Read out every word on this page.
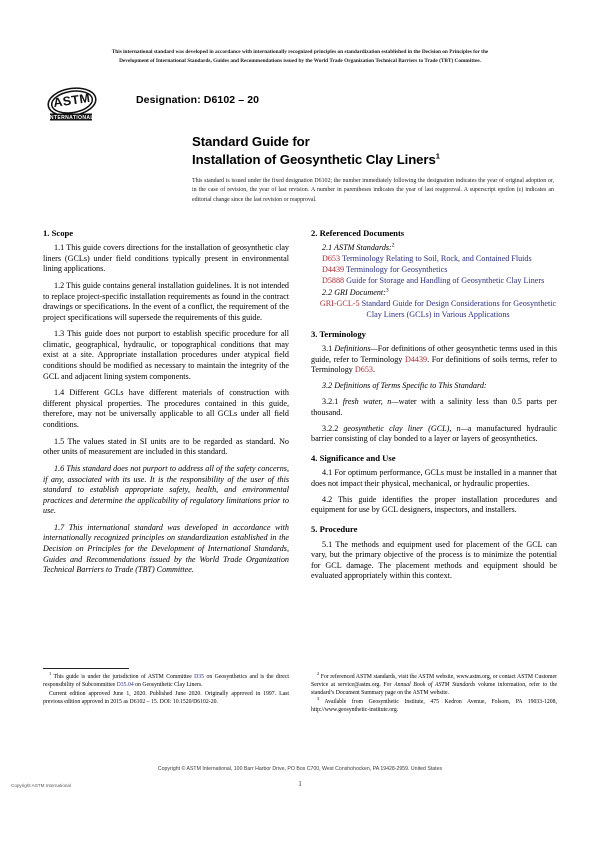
This international standard was developed in accordance with internationally recognized principles on standardization established in the Decision on Principles for the
Development of International Standards, Guides and Recommendations issued by the World Trade Organization Technical Barriers to Trade (TBT) Committee.
ASTM
INTERNATIONAL
Designation: D6102 – 20
Standard Guide for
Installation of Geosynthetic Clay Liners$^1$
This standard is issued under the fixed designation D6102; the number immediately following the designation indicates the year of original adoption or, in the case of revision, the year of last revision. A number in parentheses indicates the year of last reapproval. A superscript epsilon (ε) indicates an editorial change since the last revision or reapproval.
1. Scope

1.1 This guide covers directions for the installation of geosynthetic clay liners (GCLs) under field conditions typically present in environmental lining applications.

1.2 This guide contains general installation guidelines. It is not intended to replace project-specific installation requirements as found in the contract drawings or specifications. In the event of a conflict, the requirement of the project specifications will supersede the requirements of this guide.

1.3 This guide does not purport to establish specific procedure for all climatic, geographical, hydraulic, or topographical conditions that may exist at a site. Appropriate installation procedures under atypical field conditions should be modified as necessary to maintain the integrity of the GCL and adjacent lining system components.

1.4 Different GCLs have different materials of construction with different physical properties. The procedures contained in this guide, therefore, may not be universally applicable to all GCLs under all field conditions.

1.5 The values stated in SI units are to be regarded as standard. No other units of measurement are included in this standard.

1.6 This standard does not purport to address all of the safety concerns, if any, associated with its use. It is the responsibility of the user of this standard to establish appropriate safety, health, and environmental practices and determine the applicability of regulatory limitations prior to use.

1.7 This international standard was developed in accordance with internationally recognized principles on standardization established in the Decision on Principles for the Development of International Standards, Guides and Recommendations issued by the World Trade Organization Technical Barriers to Trade (TBT) Committee.

2. Referenced Documents
2.1 ASTM Standards:$^2$
D653 Terminology Relating to Soil, Rock, and Contained Fluids
D4439 Terminology for Geosynthetics
D5888 Guide for Storage and Handling of Geosynthetic Clay Liners
2.2 GRI Document:$^3$
GRI-GCL-5 Standard Guide for Design Considerations for Geosynthetic Clay Liners (GCLs) in Various Applications
3. Terminology

3.1 Definitions—For definitions of other geosynthetic terms used in this guide, refer to Terminology D4439. For definitions of soils terms, refer to Terminology D653.

3.2 Definitions of Terms Specific to This Standard:

3.2.1 fresh water, n—water with a salinity less than 0.5 parts per thousand.

3.2.2 geosynthetic clay liner (GCL), n—a manufactured hydraulic barrier consisting of clay bonded to a layer or layers of geosynthetics.

4. Significance and Use

4.1 For optimum performance, GCLs must be installed in a manner that does not impact their physical, mechanical, or hydraulic properties.

4.2 This guide identifies the proper installation procedures and equipment for use by GCL designers, inspectors, and installers.

5. Procedure

5.1 The methods and equipment used for placement of the GCL can vary, but the primary objective of the process is to minimize the potential for GCL damage. The placement methods and equipment should be evaluated appropriately within this context.

$^1$ This guide is under the jurisdiction of ASTM Committee D35 on Geosynthetics and is the direct responsibility of Subcommittee D35.04 on Geosynthetic Clay Liners.

Current edition approved June 1, 2020. Published June 2020. Originally approved in 1997. Last previous edition approved in 2015 as D6102 – 15. DOI: 10.1520/D6102-20.

$^2$ For referenced ASTM standards, visit the ASTM website, www.astm.org, or contact ASTM Customer Service at service@astm.org. For Annual Book of ASTM Standards volume information, refer to the standard’s Document Summary page on the ASTM website.

$^3$ Available from Geosynthetic Institute, 475 Kedron Avenue, Folsom, PA 19033-1208, http://www.geosynthetic-institute.org.

Copyright © ASTM International, 100 Barr Harbor Drive, PO Box C700, West Conshohocken, PA 19428-2959. United States
Copyright ASTM International	1
